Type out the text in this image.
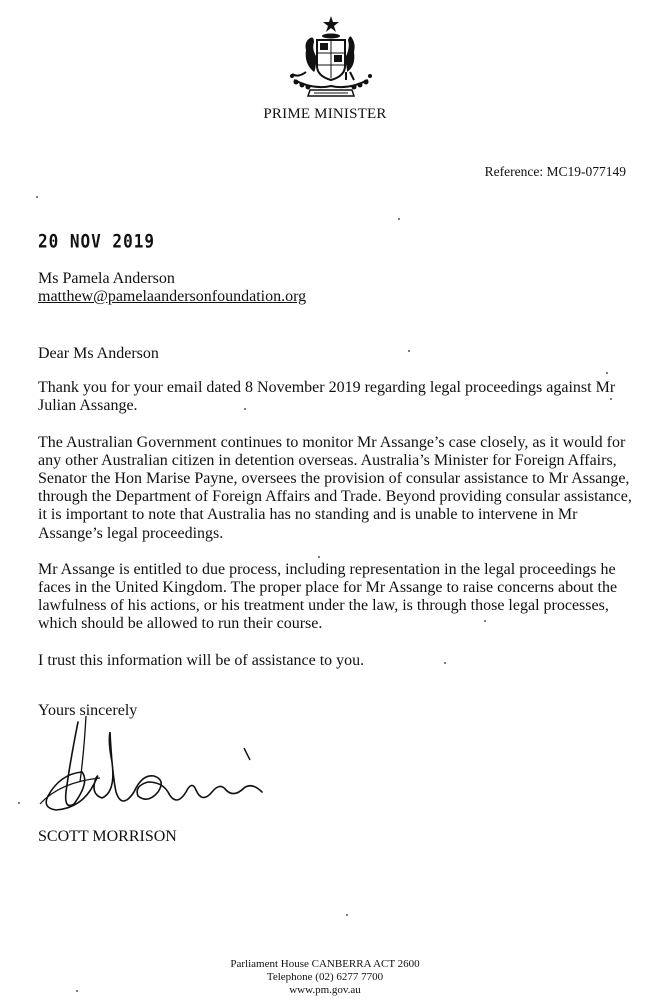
PRIME MINISTER
Reference: MC19-077149
20 NOV 2019
Ms Pamela Anderson
matthew@pamelaandersonfoundation.org

Dear Ms Anderson

Thank you for your email dated 8 November 2019 regarding legal proceedings against Mr Julian Assange.

The Australian Government continues to monitor Mr Assange’s case closely, as it would for any other Australian citizen in detention overseas. Australia’s Minister for Foreign Affairs, Senator the Hon Marise Payne, oversees the provision of consular assistance to Mr Assange, through the Department of Foreign Affairs and Trade. Beyond providing consular assistance, it is important to note that Australia has no standing and is unable to intervene in Mr Assange’s legal proceedings.

Mr Assange is entitled to due process, including representation in the legal proceedings he faces in the United Kingdom. The proper place for Mr Assange to raise concerns about the lawfulness of his actions, or his treatment under the law, is through those legal processes, which should be allowed to run their course.

I trust this information will be of assistance to you.

Yours sincerely
SCOTT MORRISON
Parliament House CANBERRA ACT 2600
Telephone (02) 6277 7700
www.pm.gov.au
